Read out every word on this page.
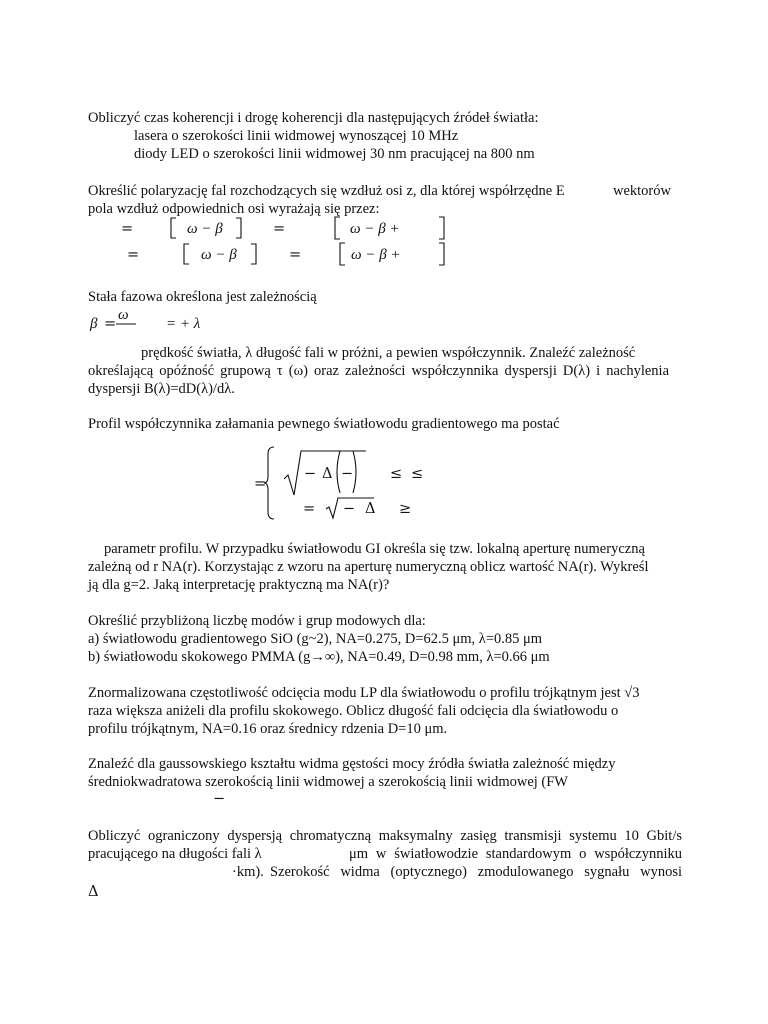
Obliczyć czas koherencji i drogę koherencji dla następujących źródeł światła:
lasera o szerokości linii widmowej wynoszącej 10 MHz
diody LED o szerokości linii widmowej 30 nm pracującej na 800 nm
Określić polaryzację fal rozchodzących się wzdłuż osi z, dla której współrzędne E	wektorów
pola wzdłuż odpowiednich osi wyrażają się przez:
=	ω − β	=	ω − β +
=	ω − β	=	ω − β +
Stała fazowa określona jest zależnością
β =
ω
= + λ
prędkość światła, λ długość fali w próżni, a pewien współczynnik. Znaleźć zależność
określającą opóźność grupową τ (ω) oraz zależności współczynnika dyspersji D(λ) i nachylenia
dyspersji B(λ)=dD(λ)/dλ.
Profil współczynnika załamania pewnego światłowodu gradientowego ma postać
=
− Δ −	≤ ≤
= − Δ ≥
parametr profilu. W przypadku światłowodu GI określa się tzw. lokalną aperturę numeryczną
zależną od r NA(r). Korzystając z wzoru na aperturę numeryczną oblicz wartość NA(r). Wykreśl
ją dla g=2. Jaką interpretację praktyczną ma NA(r)?
Określić przybliżoną liczbę modów i grup modowych dla:
a) światłowodu gradientowego SiO (g~2), NA=0.275, D=62.5 μm, λ=0.85 μm
b) światłowodu skokowego PMMA (g→∞), NA=0.49, D=0.98 mm, λ=0.66 μm
Znormalizowana częstotliwość odcięcia modu LP dla światłowodu o profilu trójkątnym jest √3
raza większa aniżeli dla profilu skokowego. Oblicz długość fali odcięcia dla światłowodu o
profilu trójkątnym, NA=0.16 oraz średnicy rdzenia D=10 μm.
Znaleźć dla gaussowskiego kształtu widma gęstości mocy źródła światła zależność między
średniokwadratowa szerokością linii widmowej a szerokością linii widmowej (FW
−
Obliczyć ograniczony dyspersją chromatyczną maksymalny zasięg transmisji systemu 10 Gbit/s
pracującego na długości fali λ	μm w światłowodzie standardowym o współczynniku
·km). Szerokość widma (optycznego) zmodulowanego sygnału wynosi
Δ
